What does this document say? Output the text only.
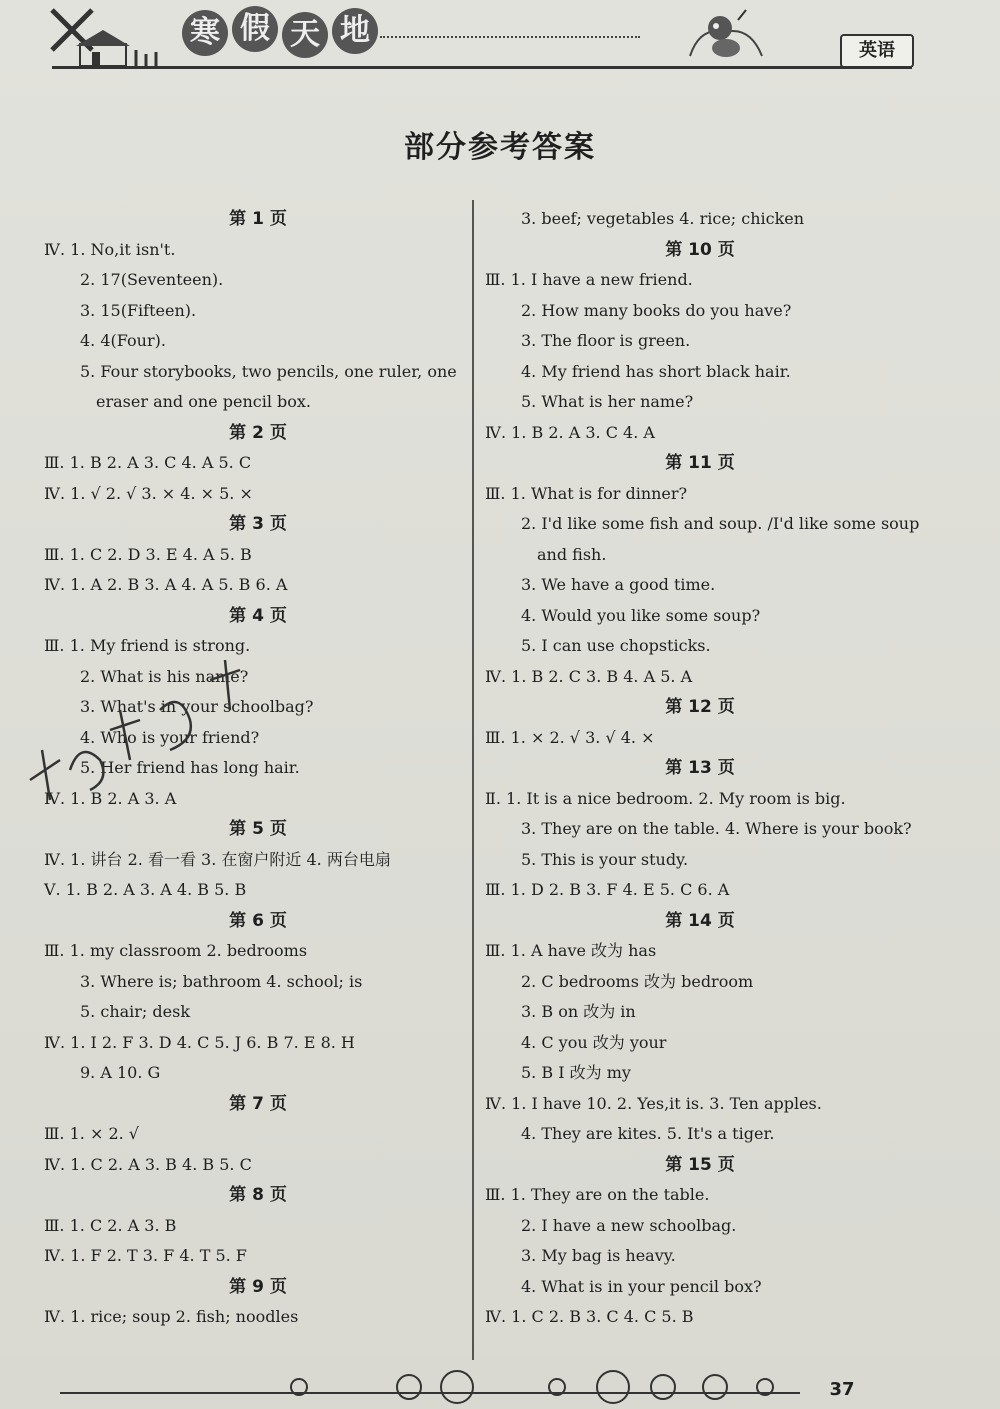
寒 假 天 地
英语
部分参考答案
第 1 页
Ⅳ. 1. No,it isn't.
2. 17(Seventeen).
3. 15(Fifteen).
4. 4(Four).
5. Four storybooks, two pencils, one ruler, one
eraser and one pencil box.
第 2 页
Ⅲ. 1. B 2. A 3. C 4. A 5. C
Ⅳ. 1. √ 2. √ 3. × 4. × 5. ×
第 3 页
Ⅲ. 1. C 2. D 3. E 4. A 5. B
Ⅳ. 1. A 2. B 3. A 4. A 5. B 6. A
第 4 页
Ⅲ. 1. My friend is strong.
2. What is his name?
3. What's in your schoolbag?
4. Who is your friend?
5. Her friend has long hair.
Ⅳ. 1. B 2. A 3. A
第 5 页
Ⅳ. 1. 讲台 2. 看一看 3. 在窗户附近 4. 两台电扇
Ⅴ. 1. B 2. A 3. A 4. B 5. B
第 6 页
Ⅲ. 1. my classroom 2. bedrooms
3. Where is; bathroom 4. school; is
5. chair; desk
Ⅳ. 1. I 2. F 3. D 4. C 5. J 6. B 7. E 8. H
9. A 10. G
第 7 页
Ⅲ. 1. × 2. √
Ⅳ. 1. C 2. A 3. B 4. B 5. C
第 8 页
Ⅲ. 1. C 2. A 3. B
Ⅳ. 1. F 2. T 3. F 4. T 5. F
第 9 页
Ⅳ. 1. rice; soup 2. fish; noodles
3. beef; vegetables 4. rice; chicken
第 10 页
Ⅲ. 1. I have a new friend.
2. How many books do you have?
3. The floor is green.
4. My friend has short black hair.
5. What is her name?
Ⅳ. 1. B 2. A 3. C 4. A
第 11 页
Ⅲ. 1. What is for dinner?
2. I'd like some fish and soup. /I'd like some soup
and fish.
3. We have a good time.
4. Would you like some soup?
5. I can use chopsticks.
Ⅳ. 1. B 2. C 3. B 4. A 5. A
第 12 页
Ⅲ. 1. × 2. √ 3. √ 4. ×
第 13 页
Ⅱ. 1. It is a nice bedroom. 2. My room is big.
3. They are on the table. 4. Where is your book?
5. This is your study.
Ⅲ. 1. D 2. B 3. F 4. E 5. C 6. A
第 14 页
Ⅲ. 1. A have 改为 has
2. C bedrooms 改为 bedroom
3. B on 改为 in
4. C you 改为 your
5. B I 改为 my
Ⅳ. 1. I have 10. 2. Yes,it is. 3. Ten apples.
4. They are kites. 5. It's a tiger.
第 15 页
Ⅲ. 1. They are on the table.
2. I have a new schoolbag.
3. My bag is heavy.
4. What is in your pencil box?
Ⅳ. 1. C 2. B 3. C 4. C 5. B
37
